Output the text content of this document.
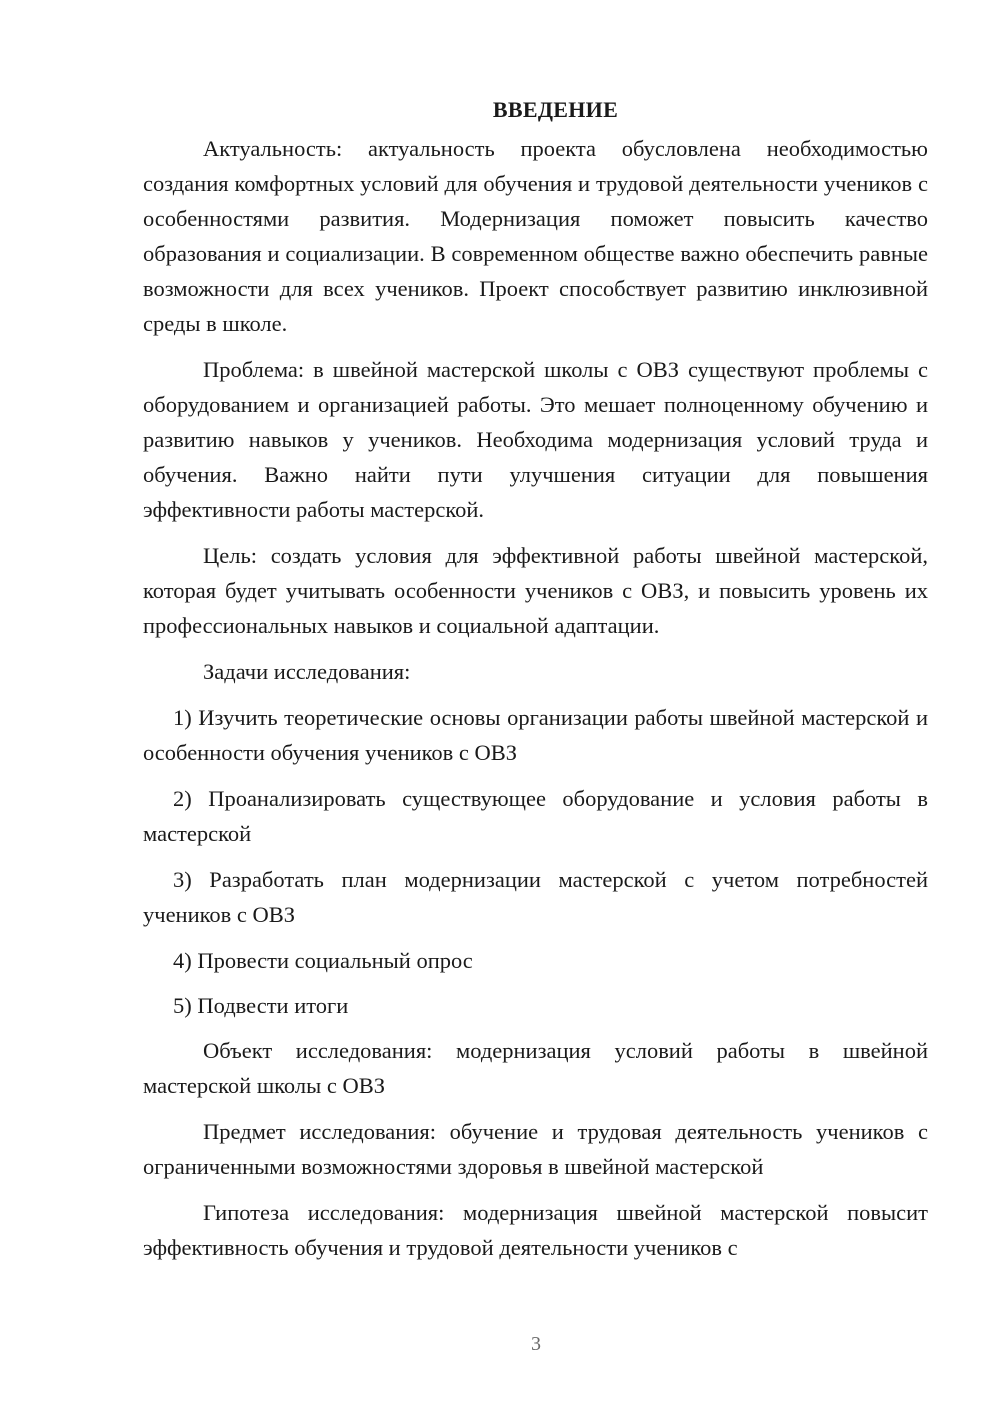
ВВЕДЕНИЕ

Актуальность: актуальность проекта обусловлена необходимостью создания комфортных условий для обучения и трудовой деятельности учеников с особенностями развития. Модернизация поможет повысить качество образования и социализации. В современном обществе важно обеспечить равные возможности для всех учеников. Проект способствует развитию инклюзивной среды в школе.

Проблема: в швейной мастерской школы с ОВЗ существуют проблемы с оборудованием и организацией работы. Это мешает полноценному обучению и развитию навыков у учеников. Необходима модернизация условий труда и обучения. Важно найти пути улучшения ситуации для повышения эффективности работы мастерской.

Цель: создать условия для эффективной работы швейной мастерской, которая будет учитывать особенности учеников с ОВЗ, и повысить уровень их профессиональных навыков и социальной адаптации.

Задачи исследования:

1) Изучить теоретические основы организации работы швейной мастерской и особенности обучения учеников с ОВЗ

2) Проанализировать существующее оборудование и условия работы в мастерской

3) Разработать план модернизации мастерской с учетом потребностей учеников с ОВЗ

4) Провести социальный опрос

5) Подвести итоги

Объект исследования: модернизация условий работы в швейной мастерской школы с ОВЗ

Предмет исследования: обучение и трудовая деятельность учеников с ограниченными возможностями здоровья в швейной мастерской

Гипотеза исследования: модернизация швейной мастерской повысит эффективность обучения и трудовой деятельности учеников с

3
